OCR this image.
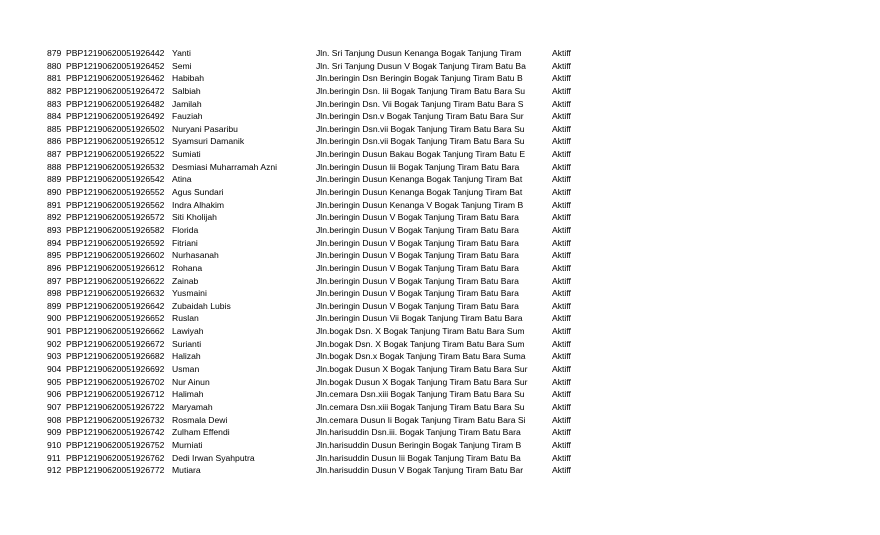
879 PBP12190620051926442 Yanti	Jln. Sri Tanjung Dusun Kenanga Bogak Tanjung Tiram	Aktiff
880 PBP12190620051926452 Semi	Jln. Sri Tanjung Dusun V Bogak Tanjung Tiram Batu Ba	Aktiff
881 PBP12190620051926462 Habibah	Jln.beringin Dsn Beringin Bogak Tanjung Tiram Batu B	Aktiff
882 PBP12190620051926472 Salbiah	Jln.beringin Dsn. Iii Bogak Tanjung Tiram Batu Bara Su	Aktiff
883 PBP12190620051926482 Jamilah	Jln.beringin Dsn. Vii Bogak Tanjung Tiram Batu Bara S	Aktiff
884 PBP12190620051926492 Fauziah	Jln.beringin Dsn.v Bogak Tanjung Tiram Batu Bara Sur	Aktiff
885 PBP12190620051926502 Nuryani Pasaribu	Jln.beringin Dsn.vii Bogak Tanjung Tiram Batu Bara Su	Aktiff
886 PBP12190620051926512 Syamsuri Damanik	Jln.beringin Dsn.vii Bogak Tanjung Tiram Batu Bara Su	Aktiff
887 PBP12190620051926522 Sumiati	Jln.beringin Dusun Bakau Bogak Tanjung Tiram Batu E	Aktiff
888 PBP12190620051926532 Desmiasi Muharramah Azni	Jln.beringin Dusun Iii Bogak Tanjung Tiram Batu Bara	Aktiff
889 PBP12190620051926542 Atina	Jln.beringin Dusun Kenanga Bogak Tanjung Tiram Bat	Aktiff
890 PBP12190620051926552 Agus Sundari	Jln.beringin Dusun Kenanga Bogak Tanjung Tiram Bat	Aktiff
891 PBP12190620051926562 Indra Alhakim	Jln.beringin Dusun Kenanga V Bogak Tanjung Tiram B	Aktiff
892 PBP12190620051926572 Siti Kholijah	Jln.beringin Dusun V Bogak Tanjung Tiram Batu Bara	Aktiff
893 PBP12190620051926582 Florida	Jln.beringin Dusun V Bogak Tanjung Tiram Batu Bara	Aktiff
894 PBP12190620051926592 Fitriani	Jln.beringin Dusun V Bogak Tanjung Tiram Batu Bara	Aktiff
895 PBP12190620051926602 Nurhasanah	Jln.beringin Dusun V Bogak Tanjung Tiram Batu Bara	Aktiff
896 PBP12190620051926612 Rohana	Jln.beringin Dusun V Bogak Tanjung Tiram Batu Bara	Aktiff
897 PBP12190620051926622 Zainab	Jln.beringin Dusun V Bogak Tanjung Tiram Batu Bara	Aktiff
898 PBP12190620051926632 Yusmaini	Jln.beringin Dusun V Bogak Tanjung Tiram Batu Bara	Aktiff
899 PBP12190620051926642 Zubaidah Lubis	Jln.beringin Dusun V Bogak Tanjung Tiram Batu Bara	Aktiff
900 PBP12190620051926652 Ruslan	Jln.beringin Dusun Vii Bogak Tanjung Tiram Batu Bara	Aktiff
901 PBP12190620051926662 Lawiyah	Jln.bogak Dsn. X Bogak Tanjung Tiram Batu Bara Sum	Aktiff
902 PBP12190620051926672 Surianti	Jln.bogak Dsn. X Bogak Tanjung Tiram Batu Bara Sum	Aktiff
903 PBP12190620051926682 Halizah	Jln.bogak Dsn.x Bogak Tanjung Tiram Batu Bara Suma	Aktiff
904 PBP12190620051926692 Usman	Jln.bogak Dusun X Bogak Tanjung Tiram Batu Bara Sur	Aktiff
905 PBP12190620051926702 Nur Ainun	Jln.bogak Dusun X Bogak Tanjung Tiram Batu Bara Sur	Aktiff
906 PBP12190620051926712 Halimah	Jln.cemara Dsn.xiii Bogak Tanjung Tiram Batu Bara Su	Aktiff
907 PBP12190620051926722 Maryamah	Jln.cemara Dsn.xiii Bogak Tanjung Tiram Batu Bara Su	Aktiff
908 PBP12190620051926732 Rosmala Dewi	Jln.cemara Dusun Ii Bogak Tanjung Tiram Batu Bara Si	Aktiff
909 PBP12190620051926742 Zulham Effendi	Jln.harisuddin Dsn.iii. Bogak Tanjung Tiram Batu Bara	Aktiff
910 PBP12190620051926752 Murniati	Jln.harisuddin Dusun Beringin Bogak Tanjung Tiram B	Aktiff
911 PBP12190620051926762 Dedi Irwan Syahputra	Jln.harisuddin Dusun Iii Bogak Tanjung Tiram Batu Ba	Aktiff
912 PBP12190620051926772 Mutiara	Jln.harisuddin Dusun V Bogak Tanjung Tiram Batu Bar	Aktiff
